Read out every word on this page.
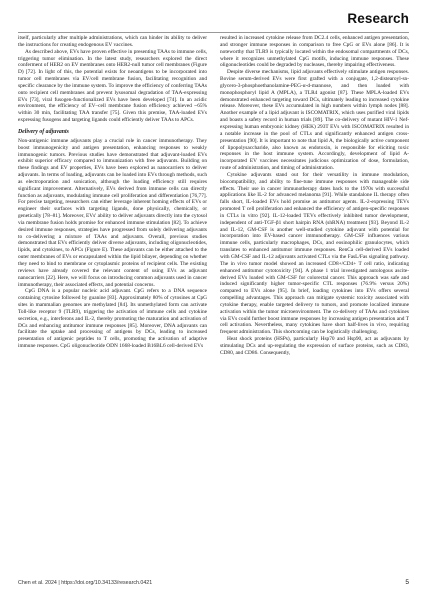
Research

itself, particularly after multiple administrations, which can hinder its ability to deliver the instructions for creating endogenous EV vaccines.

As described above, EVs have proven effective in presenting TAAs to immune cells, triggering tumor elimination. In the latest study, researchers explored the direct conferment of HER2 on EV membranes onto HER2-null tumor cell membranes (Figure D) [72]. In light of this, the potential exists for neoantigens to be incorporated into tumor cell membranes via EV/cell membrane fusion, facilitating recognition and specific clearance by the immune system. To improve the efficiency of conferring TAAs onto recipient cell membranes and prevent lysosomal degradation of TAA-expressing EVs [73], viral fusogen-functionalized EVs have been developed [74]. In an acidic environment, the efficiency of EV–cell membrane fusion efficiency achieved ~65% within 30 min, facilitating TAA transfer [75]. Given this premise, TAA-loaded EVs expressing fusogens and targeting ligands could efficiently deliver TAAs to APCs.

Delivery of adjuvants

Non-antigenic immune adjuvants play a crucial role in cancer immunotherapy. They boost immunogenicity and antigen presentation, enhancing responses to weakly immunogenic tumors. Previous studies have demonstrated that adjuvant-loaded EVs exhibit superior efficacy compared to immunization with free adjuvants. Building on these findings and EV properties, EVs have been explored as nanocarriers to deliver adjuvants. In terms of loading, adjuvants can be loaded into EVs through methods, such as electroporation and sonication, although the loading efficiency still requires significant improvement. Alternatively, EVs derived from immune cells can directly function as adjuvants, modulating immune cell proliferation and differentiation [76,77]. For precise targeting, researchers can either leverage inherent homing effects of EVs or engineer their surfaces with targeting ligands, done physically, chemically, or genetically [78–81]. Moreover, EVs' ability to deliver adjuvants directly into the cytosol via membrane fusion holds promise for enhanced immune stimulation [82]. To achieve desired immune responses, strategies have progressed from solely delivering adjuvants to co-delivering a mixture of TAAs and adjuvants. Overall, previous studies demonstrated that EVs efficiently deliver diverse adjuvants, including oligonucleotides, lipids, and cytokines, to APCs (Figure E). These adjuvants can be either attached to the outer membranes of EVs or encapsulated within the lipid bilayer, depending on whether they need to bind to membrane or cytoplasmic proteins of recipient cells. The existing reviews have already covered the relevant content of using EVs as adjuvant nanocarriers [22]. Here, we will focus on introducing common adjuvants used in cancer immunotherapy, their associated effects, and potential concerns.

CpG DNA is a popular nucleic acid adjuvant. CpG refers to a DNA sequence containing cytosine followed by guanine [83]. Approximately 80% of cytosines at CpG sites in mammalian genomes are methylated [84]. Its unmethylated form can activate Toll-like receptor 9 (TLR9), triggering the activation of immune cells and cytokine secretion, e.g., interferons and IL-2, thereby promoting the maturation and activation of DCs and enhancing antitumor immune responses [85]. Moreover, DNA adjuvants can facilitate the uptake and processing of antigens by DCs, leading to increased presentation of antigenic peptides to T cells, promoting the activation of adaptive immune responses. CpG oligonucleotide ODN 1668-loaded B16BL6 cell-derived EVs

resulted in increased cytokine release from DC2.4 cells, enhanced antigen presentation, and stronger immune responses in comparison to free CpG or EVs alone [86]. It is noteworthy that TLR9 is typically located within the endosomal compartments of DCs, where it recognizes unmethylated CpG motifs, inducing immune responses. These oligonucleotides could be degraded by nucleases, thereby impairing effectiveness.

Despite diverse mechanisms, lipid adjuvants effectively stimulate antigen responses. Bovine serum-derived EVs were first grafted with a conjugate, 1,2-distearoyl-sn-glycero-3-phosphoethanolamine-PEG-α-d-mannose, and then loaded with monophosphoryl lipid A (MPLA), a TLR4 agonist [87]. These MPLA-loaded EVs demonstrated enhanced targeting toward DCs, ultimately leading to increased cytokine release. Moreover, these EVs accumulated in high numbers within lymph nodes [88]. Another example of a lipid adjuvant is ISCOMATRIX, which uses purified viral lipids and boasts a safety record in human trials [89]. The co-delivery of mutant HIV-1 Nef-expressing human embryonic kidney (HEK) 293T EVs with ISCOMATRIX resulted in a notable increase in the pool of CTLs and significantly enhanced antigen cross-presentation [90]. It is important to note that lipid A, the biologically active component of lipopolysaccharide, also known as endotoxin, is responsible for eliciting toxic responses in the host immune system. Accordingly, development of lipid A-incorporated EV vaccines necessitates judicious optimization of dose, formulation, route of administration, and timing of administration.

Cytokine adjuvants stand out for their versatility in immune modulation, biocompatibility, and ability to fine-tune immune responses with manageable side effects. Their use in cancer immunotherapy dates back to the 1970s with successful applications like IL-2 for advanced melanoma [91]. While standalone IL therapy often falls short, IL-loaded EVs hold promise as antitumor agents. IL-2-expressing TEVs promoted T cell proliferation and enhanced the efficiency of antigen-specific responses in CTLs in vitro [92]. IL-12-loaded TEVs effectively inhibited tumor development, independent of anti-TGF-β1 short hairpin RNA (shRNA) treatment [93]. Beyond IL-2 and IL-12, GM-CSF is another well-studied cytokine adjuvant with potential for incorporation into EV-based cancer immunotherapy. GM-CSF influences various immune cells, particularly macrophages, DCs, and eosinophilic granulocytes, which translates to enhanced antitumor immune responses. RenCa cell-derived EVs loaded with GM-CSF and IL-12 adjuvants activated CTLs via the FasL/Fas signaling pathway. The in vivo tumor model showed an increased CD8+/CD4+ T cell ratio, indicating enhanced antitumor cytotoxicity [94]. A phase 1 trial investigated autologous ascite-derived EVs loaded with GM-CSF for colorectal cancer. This approach was safe and induced significantly higher tumor-specific CTL responses (76.9% versus 20%) compared to EVs alone [95]. In brief, loading cytokines into EVs offers several compelling advantages. This approach can mitigate systemic toxicity associated with cytokine therapy, enable targeted delivery to tumors, and promote localized immune activation within the tumor microenvironment. The co-delivery of TAAs and cytokines via EVs could further boost immune responses by increasing antigen presentation and T cell activation. Nevertheless, many cytokines have short half-lives in vivo, requiring frequent administration. This shortcoming can be logistically challenging.

Heat shock proteins (HSPs), particularly Hsp70 and Hsp90, act as adjuvants by stimulating DCs and up-regulating the expression of surface proteins, such as CD83, CD80, and CD86. Consequently,

Chen et al. 2024 | https://doi.org/10.34133/research.0421	5
